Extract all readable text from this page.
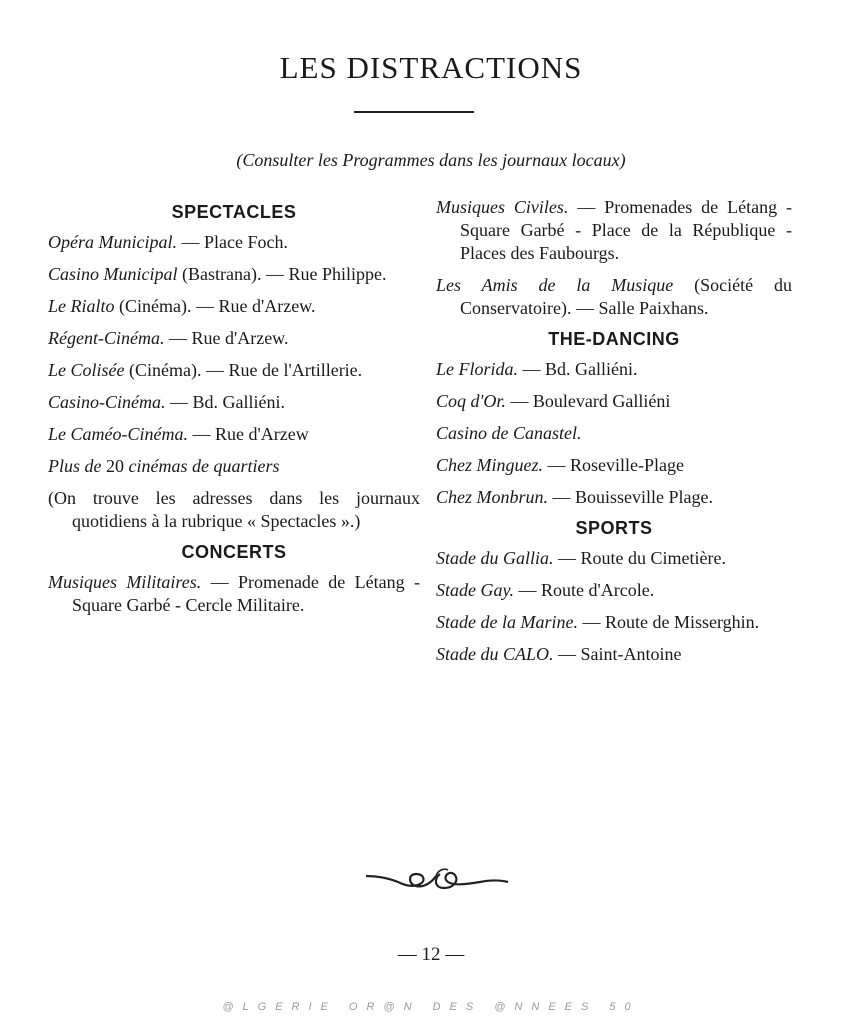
LES DISTRACTIONS
(Consulter les Programmes dans les journaux locaux)
SPECTACLES

Opéra Municipal. — Place Foch.

Casino Municipal (Bastrana). — Rue Philippe.

Le Rialto (Cinéma). — Rue d'Arzew.

Régent-Cinéma. — Rue d'Arzew.

Le Colisée (Cinéma). — Rue de l'Artillerie.

Casino-Cinéma. — Bd. Galliéni.

Le Caméo-Cinéma. — Rue d'Arzew

Plus de 20 cinémas de quartiers

(On trouve les adresses dans les journaux quotidiens à la rubrique « Spectacles ».)

CONCERTS

Musiques Militaires. — Promenade de Létang - Square Garbé - Cercle Militaire.

Musiques Civiles. — Promenades de Létang - Square Garbé - Place de la République - Places des Faubourgs.

Les Amis de la Musique (Société du Conservatoire). — Salle Paixhans.

THE-DANCING

Le Florida. — Bd. Galliéni.

Coq d'Or. — Boulevard Galliéni

Casino de Canastel.

Chez Minguez. — Roseville-Plage

Chez Monbrun. — Bouisseville Plage.

SPORTS

Stade du Gallia. — Route du Cimetière.

Stade Gay. — Route d'Arcole.

Stade de la Marine. — Route de Misserghin.

Stade du CALO. — Saint-Antoine

— 12 —
@LGERIE OR@N DES @NNEES 50
